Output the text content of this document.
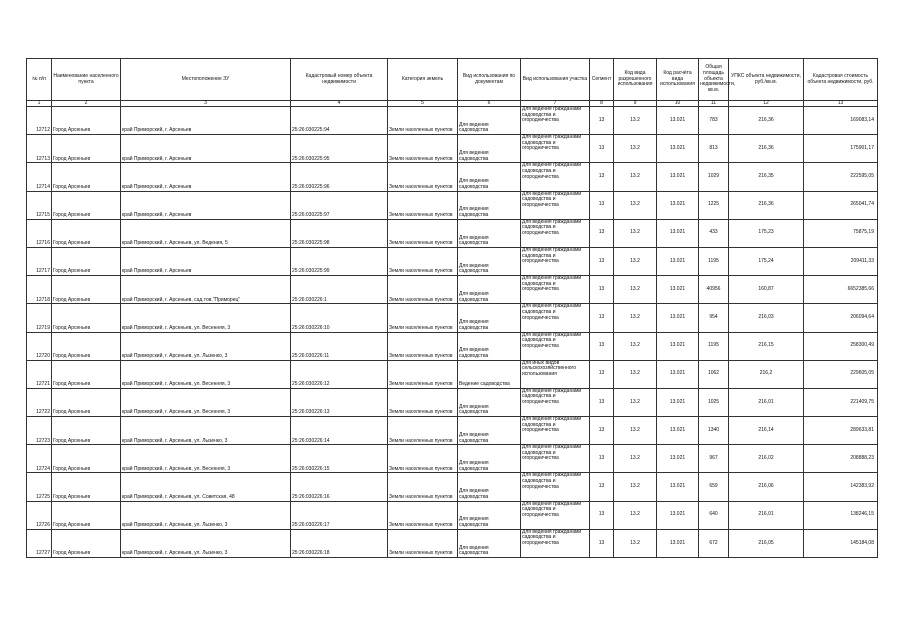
№ п/п	Наименование населенного пункта	Местоположение ЗУ	Кадастровый номер объекта недвижимости	Категория земель	Вид использования по документам	Вид использования участка	Сегмент	Код вида разрешенного использования	Код расчёта вида использования	Общая площадь объекта недвижимости, кв.м.	УПКС объекта недвижимости, руб./кв.м.	Кадастровая стоимость объекта недвижимости, руб.
1	2	3	4	5	6	7	8	9	10	11	12	13
12712	Город Арсеньев	край Приморский, г. Арсеньев	25:26:030225:94	Земли населенных пунктов	Для ведения садоводства	Для ведения гражданами садоводства и огородничества	13	13.2	13.021	783	216,36	169083,14
12713	Город Арсеньев	край Приморский, г. Арсеньев	25:26:030225:95	Земли населенных пунктов	Для ведения садоводства	Для ведения гражданами садоводства и огородничества	13	13.2	13.021	813	216,36	175901,17
12714	Город Арсеньев	край Приморский, г. Арсеньев	25:26:030225:96	Земли населенных пунктов	Для ведения садоводства	Для ведения гражданами садоводства и огородничества	13	13.2	13.021	1029	216,35	222595,05
12715	Город Арсеньев	край Приморский, г. Арсеньев	25:26:030225:97	Земли населенных пунктов	Для ведения садоводства	Для ведения гражданами садоводства и огородничества	13	13.2	13.021	1225	216,36	265041,74
12716	Город Арсеньев	край Приморский, г. Арсеньев, ул. Ведения, 5	25:26:030225:98	Земли населенных пунктов	Для ведения садоводства	Для ведения гражданами садоводства и огородничества	13	13.2	13.021	433	175,23	75875,19
12717	Город Арсеньев	край Приморский, г. Арсеньев	25:26:030225:99	Земли населенных пунктов	Для ведения садоводства	Для ведения гражданами садоводства и огородничества	13	13.2	13.021	1195	175,24	209411,33
12718	Город Арсеньев	край Приморский, г. Арсеньев, сад.тов."Приморец"	25:26:030226:1	Земли населенных пунктов	Для ведения садоводства	Для ведения гражданами садоводства и огородничества	13	13.2	13.021	40956	160,87	6652385,66
12719	Город Арсеньев	край Приморский, г. Арсеньев, ул. Весенняя, 3	25:26:030226:10	Земли населенных пунктов	Для ведения садоводства	Для ведения гражданами садоводства и огородничества	13	13.2	13.021	954	216,03	206094,64
12720	Город Арсеньев	край Приморский, г. Арсеньев, ул. Лызенко, 3	25:26:030226:11	Земли населенных пунктов	Для ведения садоводства	Для ведения гражданами садоводства и огородничества	13	13.2	13.021	1195	216,15	258300,49
12721	Город Арсеньев	край Приморский, г. Арсеньев, ул. Весенняя, 3	25:26:030226:12	Земли населенных пунктов	Ведение садоводства	Для иных видов сельскохозяйственного использования	13	13.2	13.021	1062	216,2	229605,05
12722	Город Арсеньев	край Приморский, г. Арсеньев, ул. Весенняя, 3	25:26:030226:13	Земли населенных пунктов	Для ведения садоводства	Для ведения гражданами садоводства и огородничества	13	13.2	13.021	1025	216,01	221409,75
12723	Город Арсеньев	край Приморский, г. Арсеньев, ул. Лызенко, 3	25:26:030226:14	Земли населенных пунктов	Для ведения садоводства	Для ведения гражданами садоводства и огородничества	13	13.2	13.021	1340	216,14	289633,81
12724	Город Арсеньев	край Приморский, г. Арсеньев, ул. Весенняя, 3	25:26:030226:15	Земли населенных пунктов	Для ведения садоводства	Для ведения гражданами садоводства и огородничества	13	13.2	13.021	967	216,02	208888,23
12725	Город Арсеньев	край Приморский, г. Арсеньев, ул. Советская, 48	25:26:030226:16	Земли населенных пунктов	Для ведения садоводства	Для ведения гражданами садоводства и огородничества	13	13.2	13.021	659	216,06	142383,92
12726	Город Арсеньев	край Приморский, г. Арсеньев, ул. Лызенко, 3	25:26:030226:17	Земли населенных пунктов	Для ведения садоводства	Для ведения гражданами садоводства и огородничества	13	13.2	13.021	640	216,01	138246,15
12727	Город Арсеньев	край Приморский, г. Арсеньев, ул. Лызенко, 3	25:26:030226:18	Земли населенных пунктов	Для ведения садоводства	Для ведения гражданами садоводства и огородничества	13	13.2	13.021	672	216,05	145184,08
